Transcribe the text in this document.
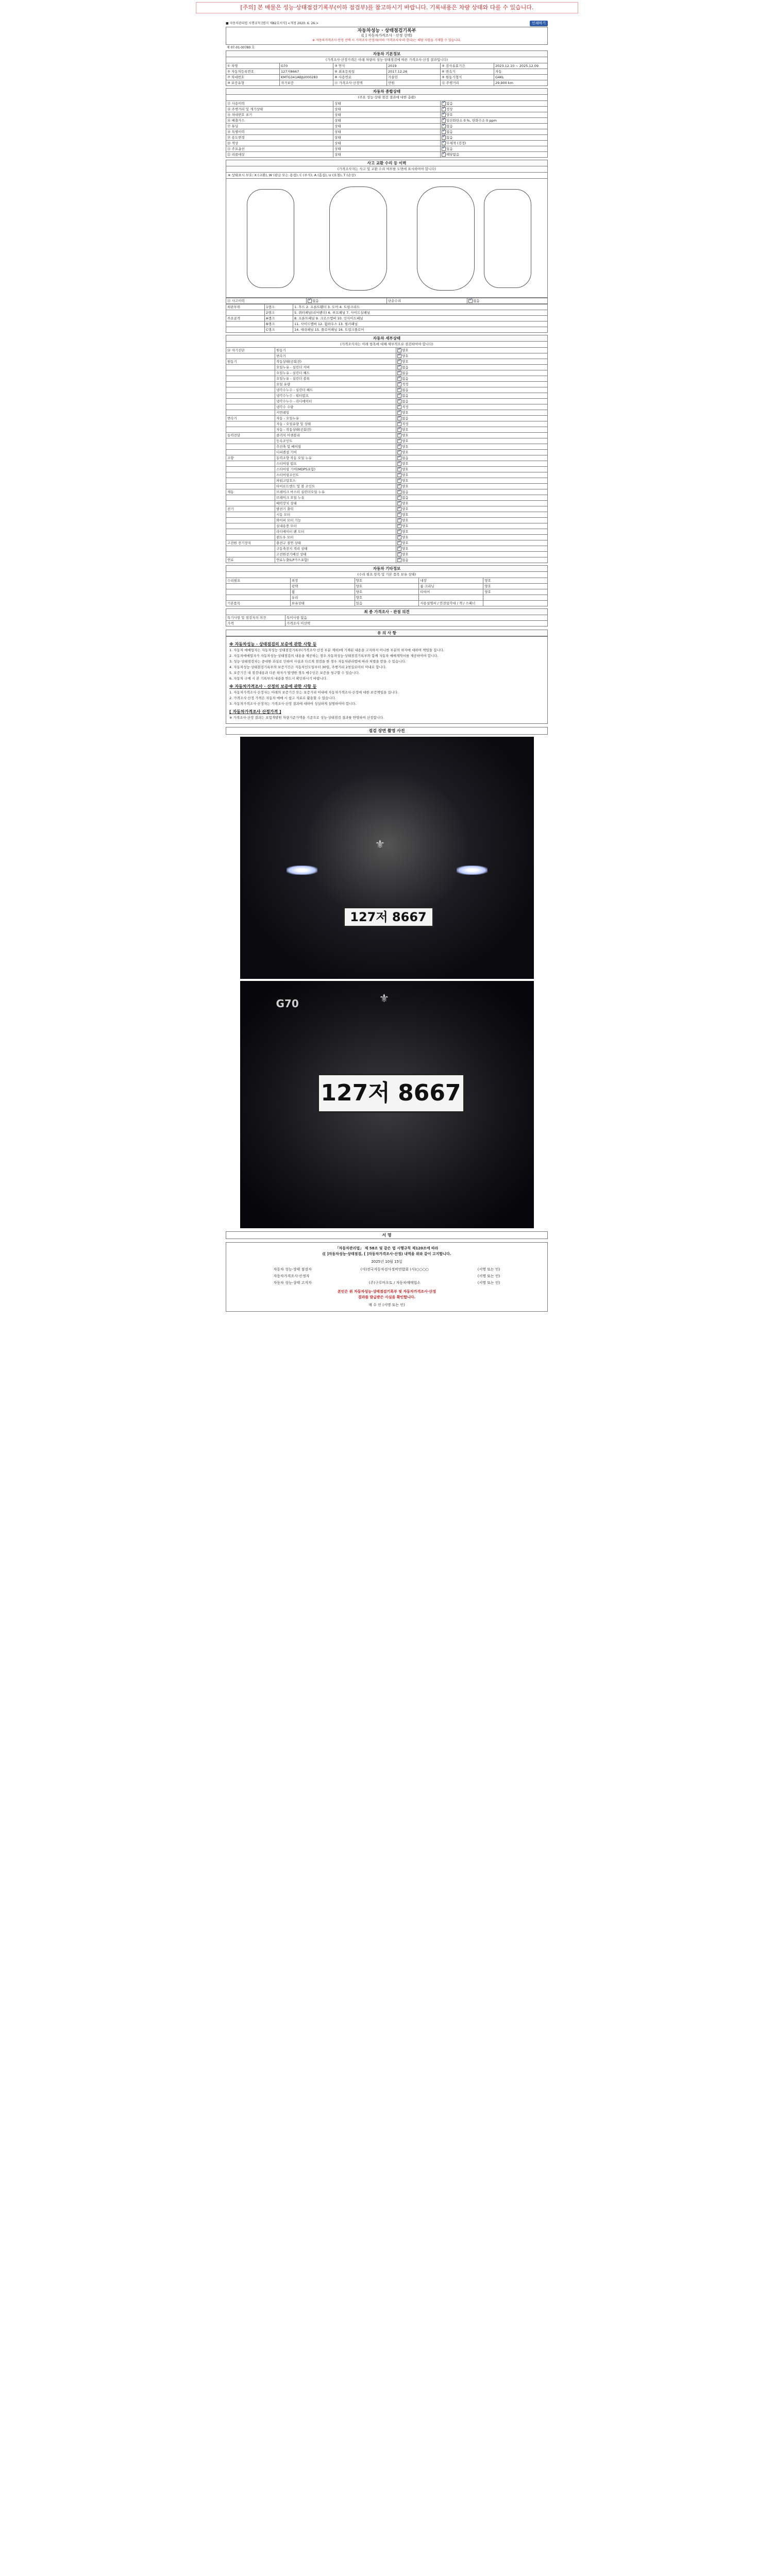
[주의] 본 매물은 성능·상태점검기록부(이하 점검부)를 참고하시기 바랍니다. 기록내용은 차량 상태와 다를 수 있습니다.
■ 자동차관리법 시행규칙 [별지 제82호서식] <개정 2020. 6. 26.>	인쇄하기
자동차성능 · 상태점검기록부
([ ] 자동차가격조사 · 산정 선택)
※ 자동차가격조사·산정 선택 시 가격조사·산정자(이하 '가격조사자'라 한다)는 해당 사항을 기재할 수 있습니다.
제 07-01-00780 호
자동차 기본정보
(가격조사·산정가격은 아래 차량의 성능·상태점검에 따른 가격조사·산정 결과입니다)
① 차명	G70	③ 연식	2019	⑤ 검사유효기간	2023.12.10 ~ 2025.12.09
② 자동차등록번호	127저8667	④ 최초등록일	2017.12.26	⑥ 변속기	자동
⑦ 차대번호	KMTG341ABJU000283	⑧ 사용연료	가솔린	⑨ 원동기형식	G4KL
⑩ 보증유형	자가보증	⑪ 가격조사·산정액	만원	⑫ 주행거리	29,900 km
자동차 종합상태
(주요 성능·상태 점검 결과에 대한 총괄)
⑬ 사용이력	상태	✓없음
⑭ 주행거리 및 계기상태	상태	✓정상
⑮ 차대번호 표기	상태	✓양호
⑯ 배출가스	상태	✓일산화탄소 0 %, 탄화수소 0 ppm
⑰ 튜닝	상태	✓없음
⑱ 특별이력	상태	✓없음
⑲ 용도변경	상태	✓없음
⑳ 색상	상태	✓무채색 (검정)
㉑ 주요옵션	상태	✓있음
㉒ 리콜대상	상태	✓해당없음
사고 교환 수리 등 이력
(가격조사자는 사고 및 교환 수리 여부를 도면에 표시하여야 합니다)
※ 상태표시 부호: X (교환), W (판금 또는 용접), C (부식), A (흠집), U (요철), T (손상)
㉓ 사고이력	✓없음	단순수리	✓없음
외판부위	1랭크	1. 후드 2. 프론트휀더 3. 도어 4. 트렁크리드
	2랭크	5. 쿼터패널(리어펜더) 6. 루프패널 7. 사이드실패널
주요골격	A랭크	8. 프론트패널 9. 크로스멤버 10. 인사이드패널
	B랭크	11. 사이드멤버 12. 휠하우스 13. 필러패널
	C랭크	14. 대쉬패널 15. 플로어패널 16. 트렁크플로어
자동차 세부상태
(가격조사자는 아래 항목에 대해 세부적으로 점검하여야 합니다)
㉔ 자기진단	원동기	✓양호
	변속기	✓양호
원동기	작동상태(공회전)	✓양호
	오일누유 - 실린더 커버	✓없음
	오일누유 - 실린더 헤드	✓없음
	오일누유 - 실린더 블록	✓없음
	오일 유량	✓적정
	냉각수누수 - 실린더 헤드	✓없음
	냉각수누수 - 워터펌프	✓없음
	냉각수누수 - 라디에이터	✓없음
	냉각수 수량	✓적정
	커먼레일	✓양호
변속기	자동 - 오일누유	✓없음
	자동 - 오일유량 및 상태	✓적정
	자동 - 작동상태(공회전)	✓양호
동력전달	클러치 어셈블리	✓양호
	등속조인트	✓양호
	추진축 및 베어링	✓양호
	디퍼렌셜 기어	✓양호
조향	동력조향 작동 오일 누유	✓없음
	스티어링 펌프	✓양호
	스티어링 기어(MDPS포함)	✓양호
	스티어링조인트	✓양호
	파워고압호스	✓양호
	타이로드엔드 및 볼 조인트	✓양호
제동	브레이크 마스터 실린더오일 누유	✓없음
	브레이크 오일 누유	✓없음
	배력장치 상태	✓양호
전기	발전기 출력	✓양호
	시동 모터	✓양호
	와이퍼 모터 기능	✓양호
	실내송풍 모터	✓양호
	라디에이터 팬 모터	✓양호
	윈도우 모터	✓양호
고전원 전기장치	충전구 절연 상태	✓양호
	구동축전지 격리 상태	✓양호
	고전원전기배선 상태	✓양호
연료	연료누출(LP가스포함)	✓없음
자동차 기타정보
(수리 필요 항목 및 기본 품목 보유 상태)
수리필요	외장	양호	내장	양호
	광택	양호	룸 크리닝	양호
	휠	양호	타이어	양호
	유리	양호		
기본품목	보유상태	있음	사용설명서 / 안전삼각대 / 잭 / 스패너	
최 종 가격조사 · 관점 의견
특기사항 및 점검자의 의견	특이사항 없음
가격	가격조사 미선택
유 의 사 항
※ 자동차성능 · 상태점검의 보증에 관한 사항 등

1. 자동차 매매업자는 자동차성능·상태점검기록부(가격조사·산정 부분 제외)에 기재된 내용을 고지하지 아니한 부분의 하자에 대하여 책임을 집니다.

2. 자동차매매업자가 자동차성능·상태점검의 내용을 제공하는 경우 자동차성능·상태점검기록부와 함께 자동차 매매계약서를 제공하여야 합니다.

3. 성능·상태점검자는 중대한 과실로 인하여 사실과 다르게 점검을 한 경우 자동차관리법에 따라 처벌을 받을 수 있습니다.

4. 자동차성능·상태점검기록부의 보증기간은 자동차인도일부터 30일, 주행거리 2천킬로미터 이내로 합니다.

5. 보증기간 내 점검내용과 다른 하자가 발생한 경우 매수인은 보증을 청구할 수 있습니다.

6. 자동차 구매 시 본 기록부의 내용을 반드시 확인하시기 바랍니다.

※ 자동차가격조사 · 산정의 보증에 관한 사항 등

1. 자동차가격조사·산정자는 아래의 보증기간 또는 보증거리 이내에 자동차가격조사·산정에 대한 보증책임을 집니다.

2. 가격조사·산정 가격은 자동차 매매 시 참고 자료로 활용할 수 있습니다.

3. 자동차가격조사·산정자는 가격조사·산정 결과에 대하여 성실하게 설명하여야 합니다.

[ 자동차가격조사 산정가격 ]

※ 가격조사·산정 결과는 보험개발원 차량기준가액을 기준으로 성능·상태점검 결과를 반영하여 산정합니다.

점검 장면 촬영 사진
⚜
127저 8667
G70	⚜
127저 8667
서 명
「자동차관리법」 제 58조 및 같은 법 시행규칙 제120조에 따라
([ ]자동차성능·상태점검, [ ]자동차가격조사·산정) 내역을 위와 같이 고지합니다.
2025년 10월 15일
자동차 성능·상태 점검자	(사)전국자동차검사정비연합회 (사)○○○○	(서명 또는 인)
자동차가격조사·산정자	(서명 또는 인)
자동차 성능·상태 고지자	(주)구루마오토 / 자동차매매업소	(서명 또는 인)
본인은 위 자동차성능·상태점검기록부 및 자동차가격조사·산정
결과를 발급받은 사실을 확인합니다.
매 수 인 (서명 또는 인)
